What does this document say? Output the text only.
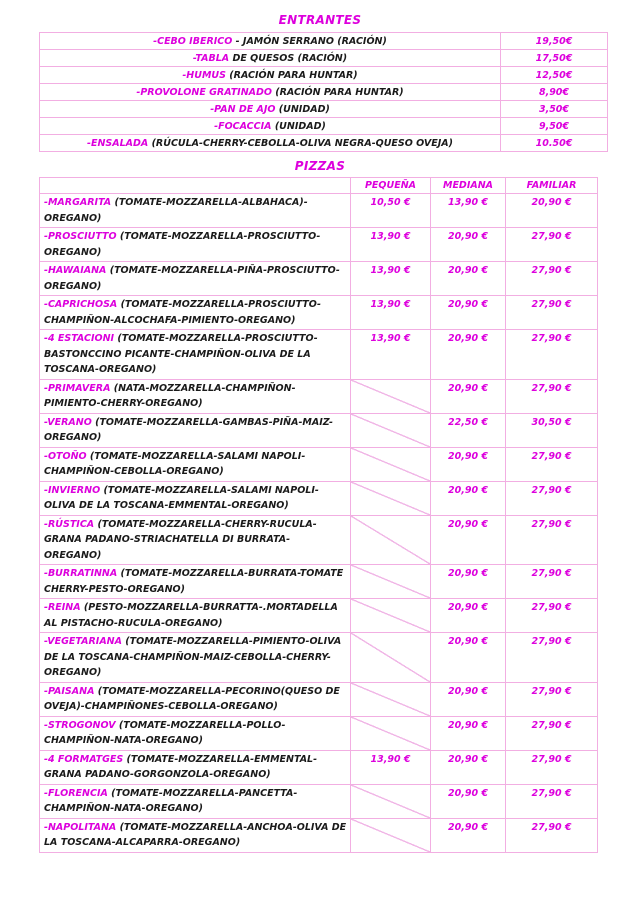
ENTRANTES
-CEBO IBERICO - JAMÓN SERRANO (RACIÓN)	19,50€
-TABLA DE QUESOS (RACIÓN)	17,50€
-HUMUS (RACIÓN PARA HUNTAR)	12,50€
-PROVOLONE GRATINADO (RACIÓN PARA HUNTAR)	8,90€
-PAN DE AJO (UNIDAD)	3,50€
-FOCACCIA (UNIDAD)	9,50€
-ENSALADA (RÚCULA-CHERRY-CEBOLLA-OLIVA NEGRA-QUESO OVEJA)	10.50€
PIZZAS
	PEQUEÑA	MEDIANA	FAMILIAR
-MARGARITA (TOMATE-MOZZARELLA-ALBAHACA)-OREGANO)	10,50 €	13,90 €	20,90 €
-PROSCIUTTO (TOMATE-MOZZARELLA-PROSCIUTTO-OREGANO)	13,90 €	20,90 €	27,90 €
-HAWAIANA (TOMATE-MOZZARELLA-PIÑA-PROSCIUTTO-OREGANO)	13,90 €	20,90 €	27,90 €
-CAPRICHOSA (TOMATE-MOZZARELLA-PROSCIUTTO-CHAMPIÑON-ALCOCHAFA-PIMIENTO-OREGANO)	13,90 €	20,90 €	27,90 €
-4 ESTACIONI (TOMATE-MOZZARELLA-PROSCIUTTO-BASTONCCINO PICANTE-CHAMPIÑON-OLIVA DE LA TOSCANA-OREGANO)	13,90 €	20,90 €	27,90 €
-PRIMAVERA (NATA-MOZZARELLA-CHAMPIÑON-PIMIENTO-CHERRY-OREGANO)		20,90 €	27,90 €
-VERANO (TOMATE-MOZZARELLA-GAMBAS-PIÑA-MAIZ-OREGANO)		22,50 €	30,50 €
-OTOÑO (TOMATE-MOZZARELLA-SALAMI NAPOLI-CHAMPIÑON-CEBOLLA-OREGANO)		20,90 €	27,90 €
-INVIERNO (TOMATE-MOZZARELLA-SALAMI NAPOLI-OLIVA DE LA TOSCANA-EMMENTAL-OREGANO)		20,90 €	27,90 €
-RÚSTICA (TOMATE-MOZZARELLA-CHERRY-RUCULA-GRANA PADANO-STRIACHATELLA DI BURRATA-OREGANO)		20,90 €	27,90 €
-BURRATINNA (TOMATE-MOZZARELLA-BURRATA-TOMATE CHERRY-PESTO-OREGANO)		20,90 €	27,90 €
-REINA (PESTO-MOZZARELLA-BURRATTA-.MORTADELLA AL PISTACHO-RUCULA-OREGANO)		20,90 €	27,90 €
-VEGETARIANA (TOMATE-MOZZARELLA-PIMIENTO-OLIVA DE LA TOSCANA-CHAMPIÑON-MAIZ-CEBOLLA-CHERRY-OREGANO)		20,90 €	27,90 €
-PAISANA (TOMATE-MOZZARELLA-PECORINO(QUESO DE OVEJA)-CHAMPIÑONES-CEBOLLA-OREGANO)		20,90 €	27,90 €
-STROGONOV (TOMATE-MOZZARELLA-POLLO-CHAMPIÑON-NATA-OREGANO)		20,90 €	27,90 €
-4 FORMATGES (TOMATE-MOZZARELLA-EMMENTAL-GRANA PADANO-GORGONZOLA-OREGANO)	13,90 €	20,90 €	27,90 €
-FLORENCIA (TOMATE-MOZZARELLA-PANCETTA-CHAMPIÑON-NATA-OREGANO)		20,90 €	27,90 €
-NAPOLITANA (TOMATE-MOZZARELLA-ANCHOA-OLIVA DE LA TOSCANA-ALCAPARRA-OREGANO)		20,90 €	27,90 €
